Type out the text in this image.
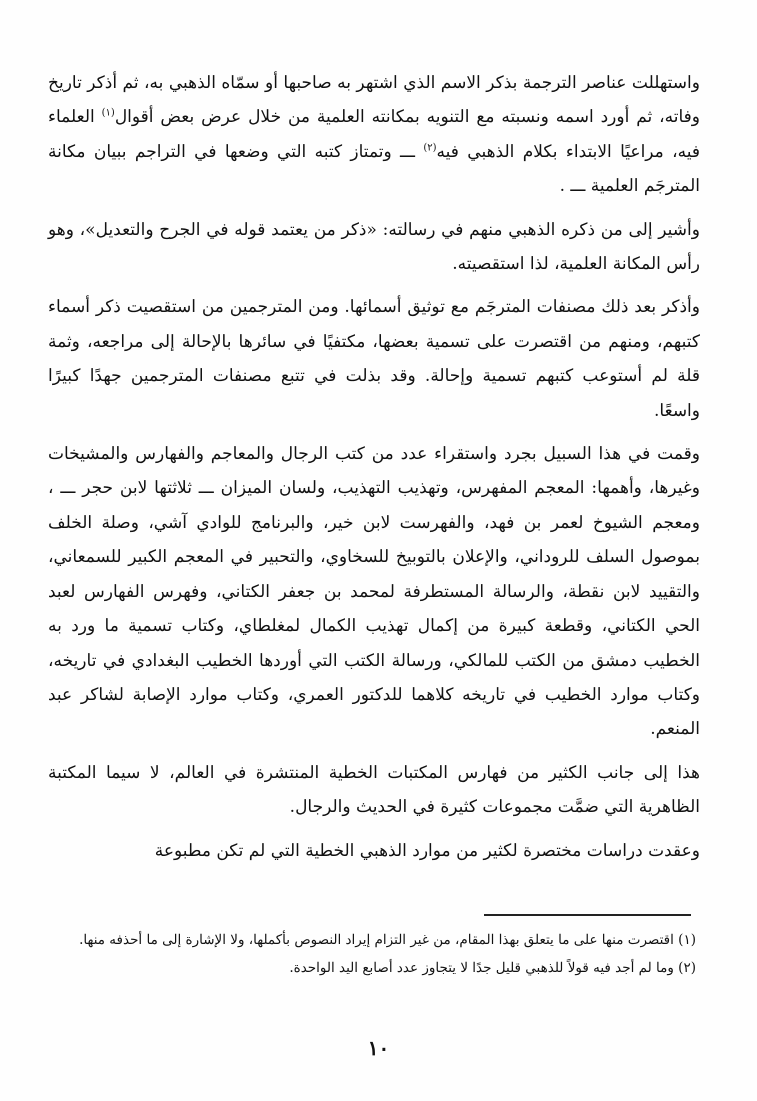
واستهللت عناصر الترجمة بذكر الاسم الذي اشتهر به صاحبها أو سمّاه الذهبي به، ثم أذكر تاريخ وفاته، ثم أورد اسمه ونسبته مع التنويه بمكانته العلمية من خلال عرض بعض أقوال$^{(١)}$ العلماء فيه، مراعيًا الابتداء بكلام الذهبي فيه$^{(٢)}$ ـــ وتمتاز كتبه التي وضعها في التراجم ببيان مكانة المترجَم العلمية ـــ .

وأشير إلى من ذكره الذهبي منهم في رسالته: «ذكر من يعتمد قوله في الجرح والتعديل»، وهو رأس المكانة العلمية، لذا استقصيته.

وأذكر بعد ذلك مصنفات المترجَم مع توثيق أسمائها. ومن المترجمين من استقصيت ذكر أسماء كتبهم، ومنهم من اقتصرت على تسمية بعضها، مكتفيًا في سائرها بالإحالة إلى مراجعه، وثمة قلة لم أستوعب كتبهم تسمية وإحالة. وقد بذلت في تتبع مصنفات المترجمين جهدًا كبيرًا واسعًا.

وقمت في هذا السبيل بجرد واستقراء عدد من كتب الرجال والمعاجم والفهارس والمشيخات وغيرها، وأهمها: المعجم المفهرس، وتهذيب التهذيب، ولسان الميزان ـــ ثلاثتها لابن حجر ـــ ، ومعجم الشيوخ لعمر بن فهد، والفهرست لابن خير، والبرنامج للوادي آشي، وصلة الخلف بموصول السلف للروداني، والإعلان بالتوبيخ للسخاوي، والتحبير في المعجم الكبير للسمعاني، والتقييد لابن نقطة، والرسالة المستطرفة لمحمد بن جعفر الكتاني، وفهرس الفهارس لعبد الحي الكتاني، وقطعة كبيرة من إكمال تهذيب الكمال لمغلطاي، وكتاب تسمية ما ورد به الخطيب دمشق من الكتب للمالكي، ورسالة الكتب التي أوردها الخطيب البغدادي في تاريخه، وكتاب موارد الخطيب في تاريخه كلاهما للدكتور العمري، وكتاب موارد الإصابة لشاكر عبد المنعم.

هذا إلى جانب الكثير من فهارس المكتبات الخطية المنتشرة في العالم، لا سيما المكتبة الظاهرية التي ضمَّت مجموعات كثيرة في الحديث والرجال.

وعقدت دراسات مختصرة لكثير من موارد الذهبي الخطية التي لم تكن مطبوعة

(١) اقتصرت منها على ما يتعلق بهذا المقام، من غير التزام إيراد النصوص بأكملها، ولا الإشارة إلى ما أحذفه منها.

(٢) وما لم أجد فيه قولاً للذهبي قليل جدًا لا يتجاوز عدد أصابع اليد الواحدة.

١٠
